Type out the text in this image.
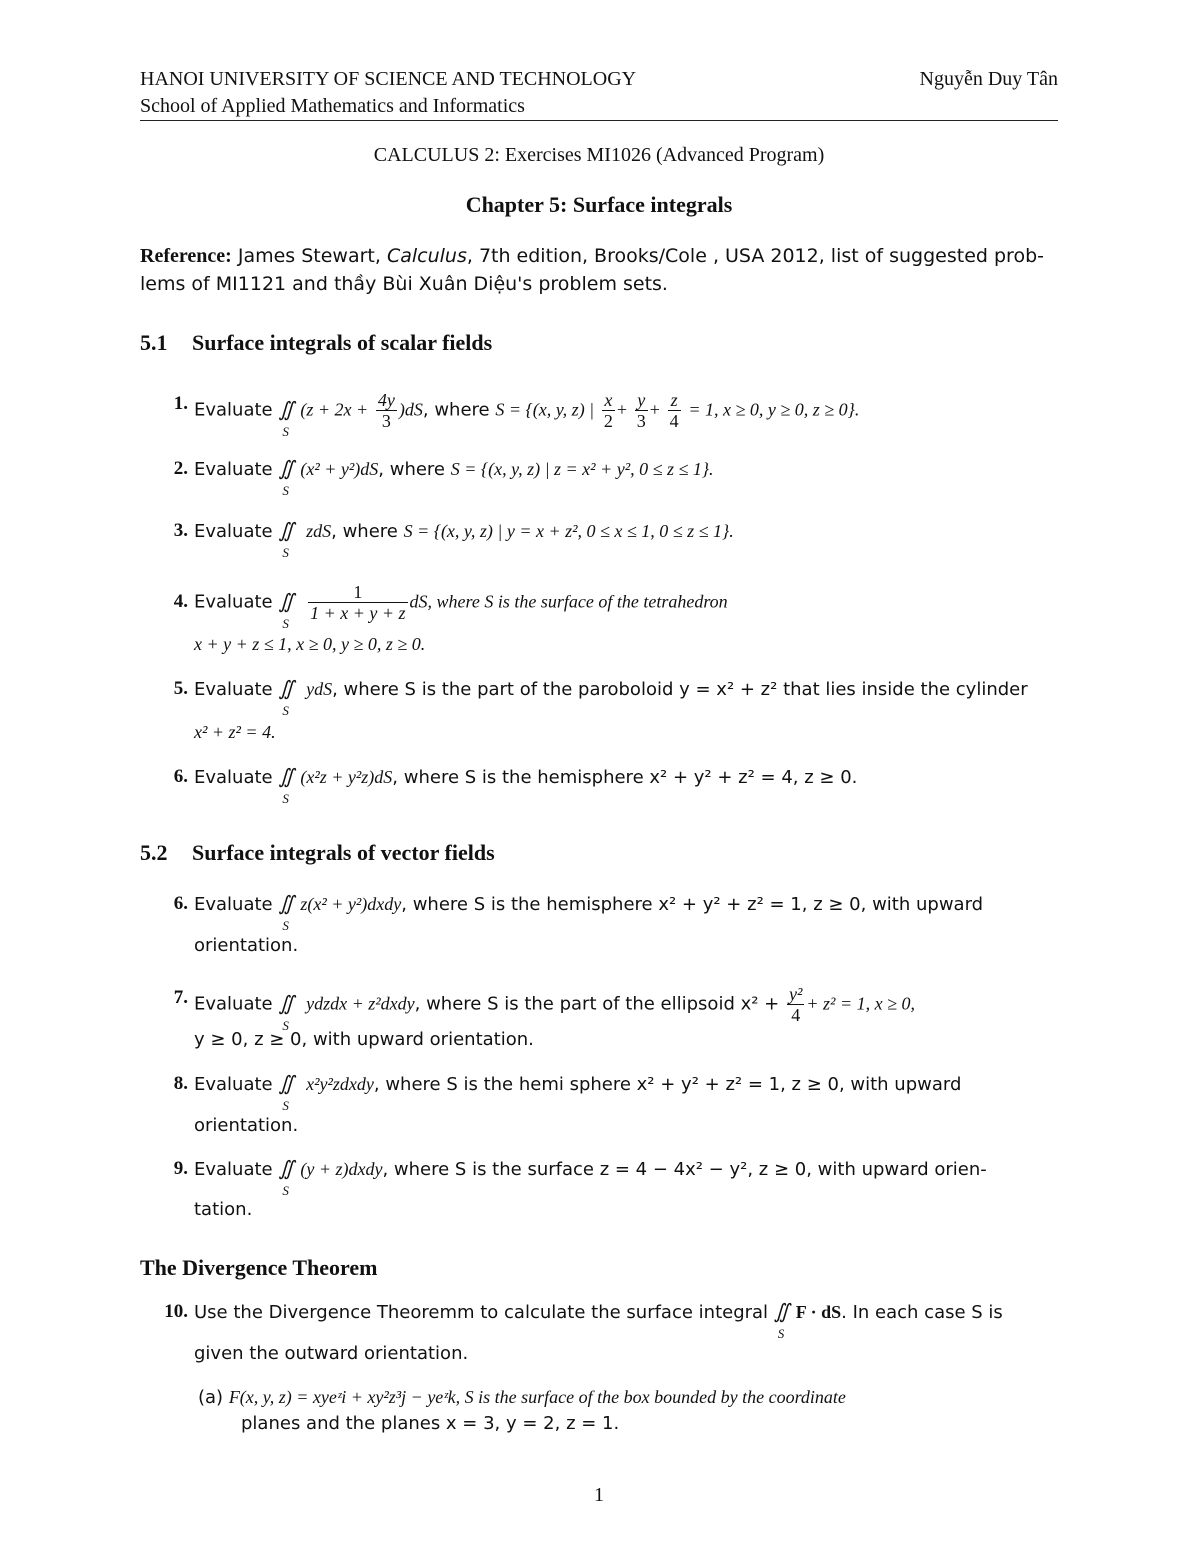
HANOI UNIVERSITY OF SCIENCE AND TECHNOLOGY	Nguyễn Duy Tân
School of Applied Mathematics and Informatics
CALCULUS 2: Exercises MI1026 (Advanced Program)
Chapter 5: Surface integrals
Reference: James Stewart, Calculus, 7th edition, Brooks/Cole , USA 2012, list of suggested prob-
lems of MI1121 and thầy Bùi Xuân Diệu's problem sets.
5.1 Surface integrals of scalar fields
1. Evaluate ∬
S
$(z + 2x + \frac{4y}{3} )dS$, where S = {(x, y, z) | $\frac{x}{2} + \frac{y}{3} + \frac{z}{4} = 1$, x ≥ 0, y ≥ 0, z ≥ 0}.
2. Evaluate ∬
S
(x² + y²)dS, where S = {(x, y, z) | z = x² + y², 0 ≤ z ≤ 1}.
3. Evaluate ∬
S
zdS, where S = {(x, y, z) | y = x + z², 0 ≤ x ≤ 1, 0 ≤ z ≤ 1}.
4. Evaluate ∬
S
$\frac{1}{1 + x + y + z}$ dS, where S is the surface of the tetrahedron
x + y + z ≤ 1, x ≥ 0, y ≥ 0, z ≥ 0.
5. Evaluate ∬
S
ydS, where S is the part of the paroboloid y = x² + z² that lies inside the cylinder
x² + z² = 4.
6. Evaluate ∬
S
(x²z + y²z)dS, where S is the hemisphere x² + y² + z² = 4, z ≥ 0.
5.2 Surface integrals of vector fields
6. Evaluate ∬
S
z(x² + y²)dxdy, where S is the hemisphere x² + y² + z² = 1, z ≥ 0, with upward
orientation.
7. Evaluate ∬
S
ydzdx + z²dxdy, where S is the part of the ellipsoid $x^2 + \frac{\text{y²}}{4} + z^2 = 1$, x ≥ 0,
y ≥ 0, z ≥ 0, with upward orientation.
8. Evaluate ∬
S
x²y²zdxdy, where S is the hemi sphere x² + y² + z² = 1, z ≥ 0, with upward
orientation.
9. Evaluate ∬
S
(y + z)dxdy, where S is the surface z = 4 − 4x² − y², z ≥ 0, with upward orien-
tation.
The Divergence Theorem
10. Use the Divergence Theoremm to calculate the surface integral ∬
S
F · dS. In each case S is
given the outward orientation.
(a) F(x, y, z) = xyeᶻi + xy²z³j − yeᶻk, S is the surface of the box bounded by the coordinate
planes and the planes x = 3, y = 2, z = 1.
1
